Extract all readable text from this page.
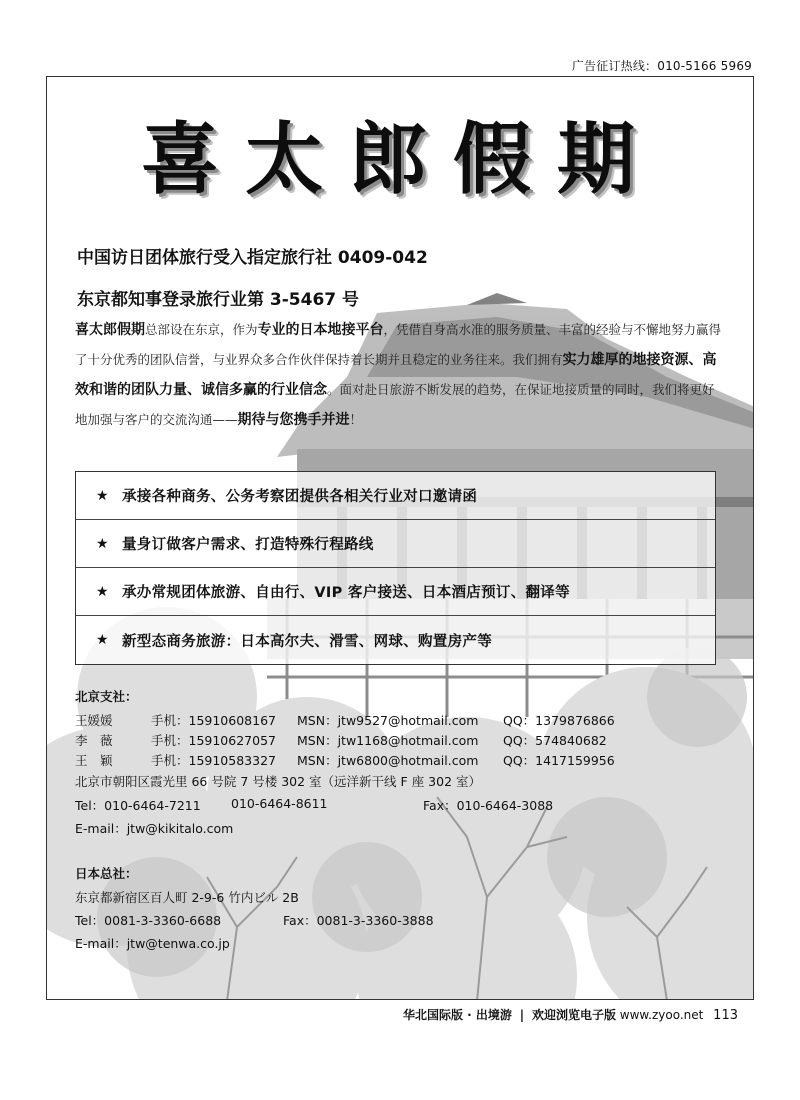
广告征订热线：010-5166 5969
喜太郎假期
中国访日团体旅行受入指定旅行社 0409-042
东京都知事登录旅行业第 3-5467 号
喜太郎假期总部设在东京，作为专业的日本地接平台，凭借自身高水准的服务质量、丰富的经验与不懈地努力赢得了十分优秀的团队信誉，与业界众多合作伙伴保持着长期并且稳定的业务往来。我们拥有实力雄厚的地接资源、高效和谐的团队力量、诚信多赢的行业信念。面对赴日旅游不断发展的趋势，在保证地接质量的同时，我们将更好地加强与客户的交流沟通——期待与您携手并进！
★ 承接各种商务、公务考察团提供各相关行业对口邀请函
★ 量身订做客户需求、打造特殊行程路线
★ 承办常规团体旅游、自由行、VIP 客户接送、日本酒店预订、翻译等
★ 新型态商务旅游：日本高尔夫、滑雪、网球、购置房产等
北京支社：
王媛媛	手机：15910608167 MSN：jtw9527@hotmail.com QQ：1379876866
李　薇	手机：15910627057 MSN：jtw1168@hotmail.com QQ：574840682
王　颖	手机：15910583327 MSN：jtw6800@hotmail.com QQ：1417159956
北京市朝阳区霞光里 66 号院 7 号楼 302 室（远洋新干线 F 座 302 室）
Tel：010-6464-7211 010-6464-8611	Fax：010-6464-3088
E-mail：jtw@kikitalo.com
日本总社：
东京都新宿区百人町 2-9-6 竹内ビル 2B
Tel：0081-3-3360-6688	Fax：0081-3-3360-3888
E-mail：jtw@tenwa.co.jp
华北国际版 · 出境游 | 欢迎浏览电子版 www.zyoo.net 113
